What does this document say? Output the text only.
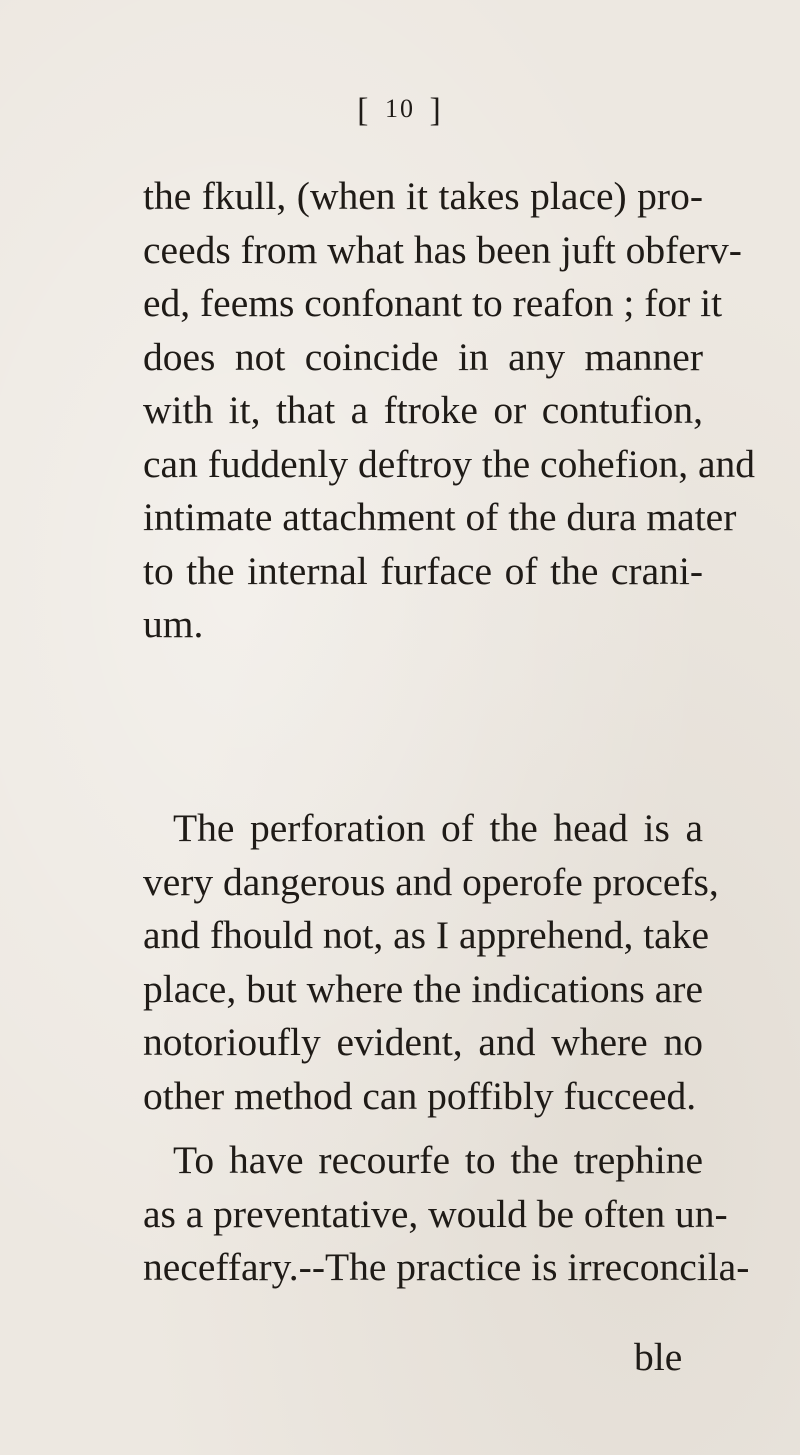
[ 10 ]
the fkull, (when it takes place) pro-
ceeds from what has been juft obferv-
ed, feems confonant to reafon ; for it
does not coincide in any manner
with it, that a ftroke or contufion,
can fuddenly deftroy the cohefion, and
intimate attachment of the dura mater
to the internal furface of the crani-
um.
The perforation of the head is a
very dangerous and operofe procefs,
and fhould not, as I apprehend, take
place, but where the indications are
notorioufly evident, and where no
other method can poffibly fucceed.
To have recourfe to the trephine
as a preventative, would be often un-
neceffary.--The practice is irreconcila-
ble
